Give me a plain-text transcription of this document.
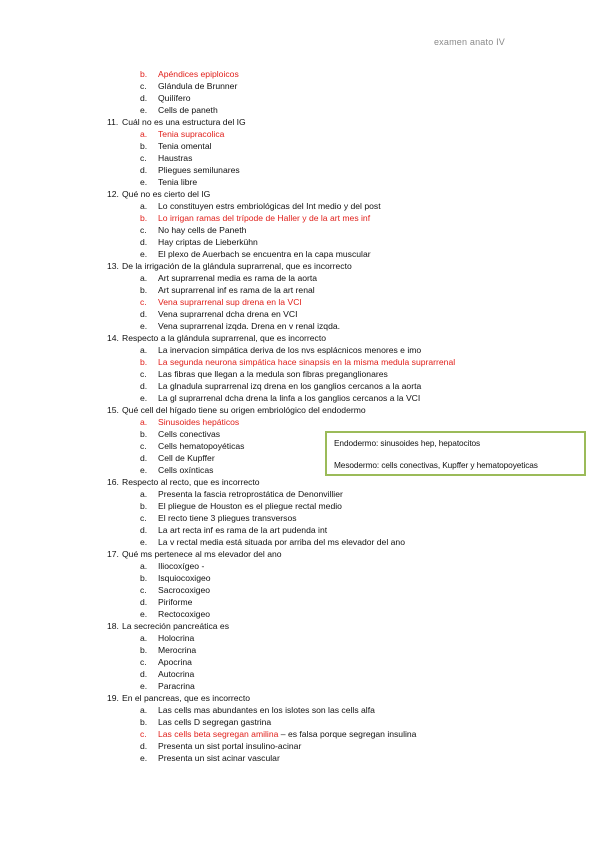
examen anato IV
b. Apéndices epiploicos
c. Glándula de Brunner
d. Quilífero
e. Cells de paneth
11. Cuál no es una estructura del IG
a. Tenia supracolica
b. Tenia omental
c. Haustras
d. Pliegues semilunares
e. Tenia libre
12. Qué no es cierto del IG
a. Lo constituyen estrs embriológicas del Int medio y del post
b. Lo irrigan ramas del trípode de Haller y de la art mes inf
c. No hay cells de Paneth
d. Hay criptas de Lieberkühn
e. El plexo de Auerbach se encuentra en la capa muscular
13. De la irrigación de la glándula suprarrenal, que es incorrecto
a. Art suprarrenal media es rama de la aorta
b. Art suprarrenal inf es rama de la art renal
c. Vena suprarrenal sup drena en la VCI
d. Vena suprarrenal dcha drena en VCI
e. Vena suprarrenal izqda. Drena en v renal izqda.
14. Respecto a la glándula suprarrenal, que es incorrecto
a. La inervacion simpática deriva de los nvs esplácnicos menores e imo
b. La segunda neurona simpática hace sinapsis en la misma medula suprarrenal
c. Las fibras que llegan a la medula son fibras preganglionares
d. La glnadula suprarrenal izq drena en los ganglios cercanos a la aorta
e. La gl suprarrenal dcha drena la linfa a los ganglios cercanos a la VCI
15. Qué cell del hígado tiene su origen embriológico del endodermo
a. Sinusoides hepáticos
b. Cells conectivas
c. Cells hematopoyéticas
d. Cell de Kupffer
e. Cells oxínticas
16. Respecto al recto, que es incorrecto
a. Presenta la fascia retroprostática de Denonvillier
b. El pliegue de Houston es el pliegue rectal medio
c. El recto tiene 3 pliegues transversos
d. La art recta inf es rama de la art pudenda int
e. La v rectal media está situada por arriba del ms elevador del ano
17. Qué ms pertenece al ms elevador del ano
a. Iliocoxígeo -
b. Isquiocoxigeo
c. Sacrocoxigeo
d. Piriforme
e. Rectocoxigeo
18. La secreción pancreática es
a. Holocrina
b. Merocrina
c. Apocrina
d. Autocrina
e. Paracrina
19. En el pancreas, que es incorrecto
a. Las cells mas abundantes en los islotes son las cells alfa
b. Las cells D segregan gastrina
c. Las cells beta segregan amilina – es falsa porque segregan insulina
d. Presenta un sist portal insulino-acinar
e. Presenta un sist acinar vascular
Endodermo: sinusoides hep, hepatocitos
Mesodermo: cells conectivas, Kupffer y hematopoyeticas
